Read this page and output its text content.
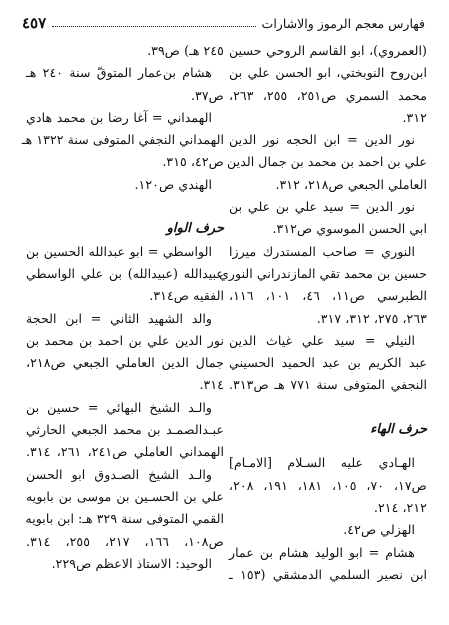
فهارس معجم الرموز والاشارات
٤٥٧
(العمروي)، ابو القاسم الروحي حسين
ابن‌روح النوبختي، ابو الحسن علي بن
محمد السمري ص٢٥١، ٢٥٥، ٢٦٣،
٣١٢.
نور الدين = ابن الحجه نور الدين
علي بن احمد بن محمد بن جمال الدين
العاملي الجبعي ص٢١٨، ٣١٢.
نور الدين = سيد علي بن علي بن
ابي الحسن الموسوي ص٣١٢.
النوري = صاحب المستدرك ميرزا
حسين بن محمد تقي المازندراني النوري
الطبرسي ص١١، ٤٦، ١٠١، ١١٦،
٢٦٣، ٢٧٥، ٣١٢، ٣١٧.
النيلي = سيد علي غياث الدين
عبد الكريم بن عبد الحميد الحسيني
النجفي المتوفى سنة ٧٧١ هـ ص٣١٣.
حرف الهاء
الهـادي عليه السـلام [الامـام]
ص١٧، ٧٠، ١٠٥، ١٨١، ١٩١، ٢٠٨،
٢١٢، ٢١٤.
الهزلي ص٤٢.
هشام = ابو الوليد هشام بن عمار
ابن نصير السلمي الدمشقي (١٥٣ ـ
٢٤٥ هـ) ص٣٩.
هشام بن‌عمار المتوقّ سنة ٢٤٠ هـ
ص٣٧.
الهمداني = آغا رضا بن محمد هادي
الهمداني النجفي المتوفى سنة ١٣٢٢ هـ
ص٤٢، ٣١٥.
الهندي ص١٢٠.
حرف الواو
الواسطي = ابو عبدالله الحسين بن
عبيدالله (عبيدالله) بن علي الواسطي
الفقيه ص٣١٤.
والد الشهيد الثاني = ابن الحجة
نور الدين علي بن احمد بن محمد بن
جمال الدين العاملي الجبعي ص٢١٨،
٣١٤.
والـد الشيخ البهائي = حسين بن
عبـدالصمـد بن محمد الجبعي الحارثي
الهمداني العاملي ص٢٤١، ٢٦١، ٣١٤.
والـد الشيخ الصـدوق ابو الحسن
علي بن الحسـين بن موسى بن بابويه
القمي المتوفى سنة ٣٢٩ هـ: ابن بابويه
ص١٠٨، ١٦٦، ٢١٧، ٢٥٥، ٣١٤.
الوحيد: الاستاذ الاعظم ص٢٢٩.
